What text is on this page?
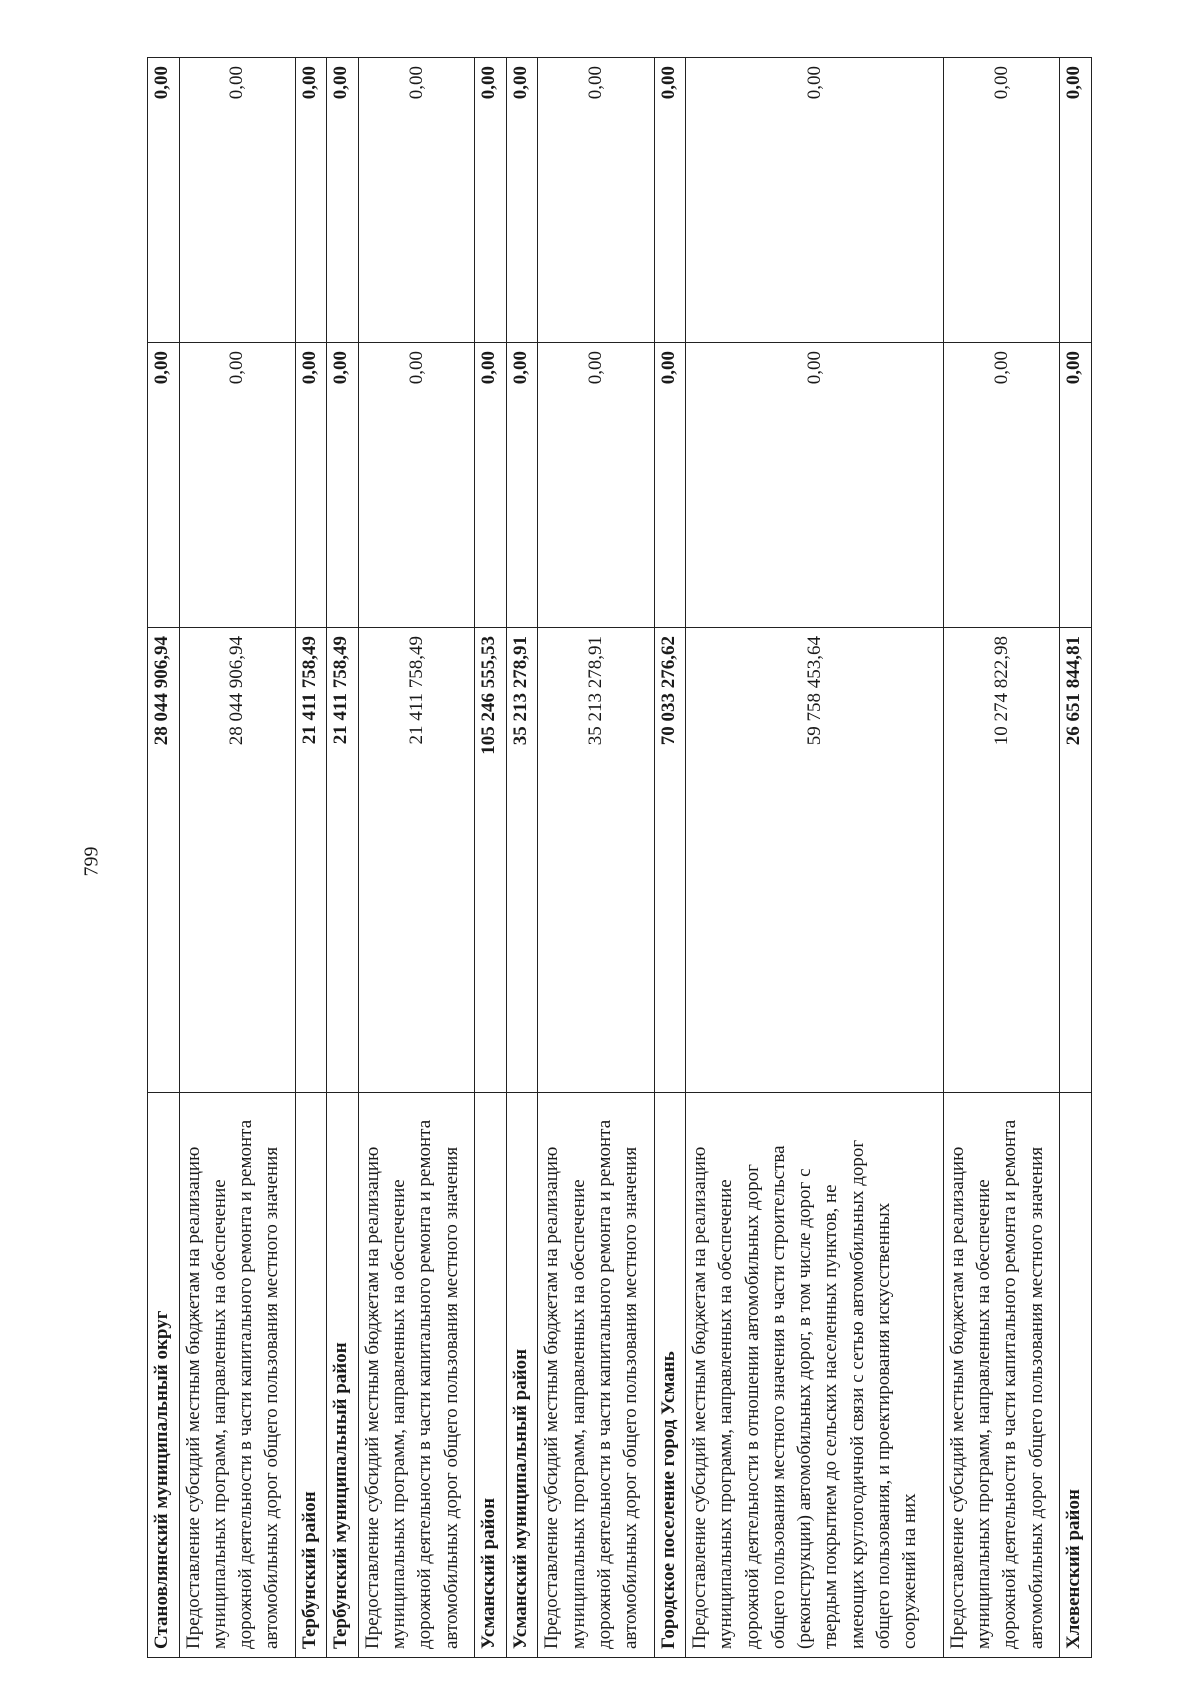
799
Становлянский муниципальный округ	28 044 906,94	0,00	0,00
Предоставление субсидий местным бюджетам на реализацию муниципальных программ, направленных на обеспечение дорожной деятельности в части капитального ремонта и ремонта автомобильных дорог общего пользования местного значения	28 044 906,94	0,00	0,00
Тербунский район	21 411 758,49	0,00	0,00
Тербунский муниципальный район	21 411 758,49	0,00	0,00
Предоставление субсидий местным бюджетам на реализацию муниципальных программ, направленных на обеспечение дорожной деятельности в части капитального ремонта и ремонта автомобильных дорог общего пользования местного значения	21 411 758,49	0,00	0,00
Усманский район	105 246 555,53	0,00	0,00
Усманский муниципальный район	35 213 278,91	0,00	0,00
Предоставление субсидий местным бюджетам на реализацию муниципальных программ, направленных на обеспечение дорожной деятельности в части капитального ремонта и ремонта автомобильных дорог общего пользования местного значения	35 213 278,91	0,00	0,00
Городское поселение город Усмань	70 033 276,62	0,00	0,00
Предоставление субсидий местным бюджетам на реализацию муниципальных программ, направленных на обеспечение дорожной деятельности в отношении автомобильных дорог общего пользования местного значения в части строительства (реконструкции) автомобильных дорог, в том числе дорог с твердым покрытием до сельских населенных пунктов, не имеющих круглогодичной связи с сетью автомобильных дорог общего пользования, и проектирования искусственных сооружений на них	59 758 453,64	0,00	0,00
Предоставление субсидий местным бюджетам на реализацию муниципальных программ, направленных на обеспечение дорожной деятельности в части капитального ремонта и ремонта автомобильных дорог общего пользования местного значения	10 274 822,98	0,00	0,00
Хлевенский район	26 651 844,81	0,00	0,00
